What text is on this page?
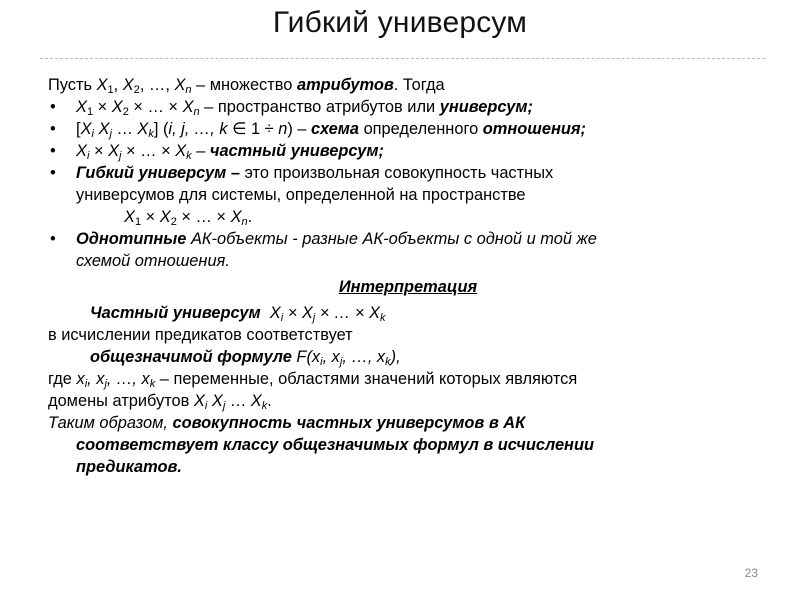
Гибкий универсум
Пусть $X_1$, $X_2$, …, $X_n$ – множество атрибутов. Тогда
• $X_1 \times X_2$ × … × $X_n$ – пространство атрибутов или универсум;
• [$X_i$ $X_j$ … $X_k$] (i, j, …, k ∈ 1 ÷ n) – схема определенного отношения;
• $X_i \times X_j$ × … × $X_k$ – частный универсум;
• Гибкий универсум – это произвольная совокупность частных
универсумов для системы, определенной на пространстве
$X_1 \times X_2$ × … × $X_n$.
• Однотипные АК-объекты - разные АК-объекты с одной и той же
схемой отношения.
Интерпретация
Частный универсум $X_i \times X_j$ × … × $X_k$
в исчислении предикатов соответствует
общезначимой формуле $F(x_i$, $x_j$, …, $x_k$),
где $x_i$, $x_j$, …, $x_k$ – переменные, областями значений которых являются
домены атрибутов $X_i$ $X_j$ … $X_k$.
Таким образом, совокупность частных универсумов в АК
соответствует классу общезначимых формул в исчислении
предикатов.
23
